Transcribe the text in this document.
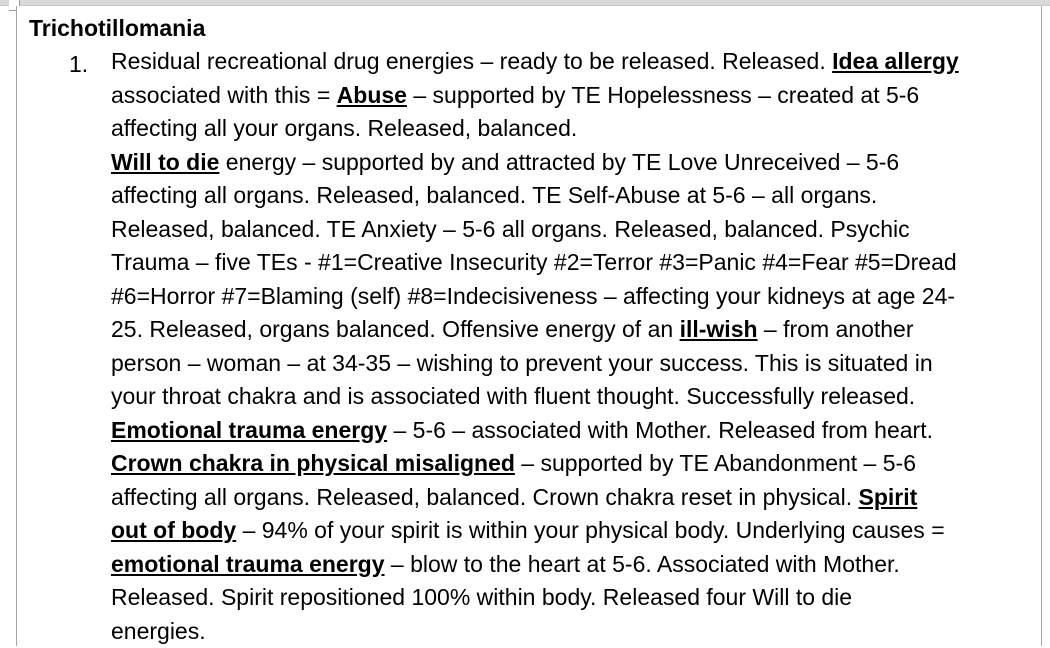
Trichotillomania
1. Residual recreational drug energies – ready to be released. Released. Idea allergy
associated with this = Abuse – supported by TE Hopelessness – created at 5-6
affecting all your organs. Released, balanced.
Will to die energy – supported by and attracted by TE Love Unreceived – 5-6
affecting all organs. Released, balanced. TE Self-Abuse at 5-6 – all organs.
Released, balanced. TE Anxiety – 5-6 all organs. Released, balanced. Psychic
Trauma – five TEs - #1=Creative Insecurity #2=Terror #3=Panic #4=Fear #5=Dread
#6=Horror #7=Blaming (self) #8=Indecisiveness – affecting your kidneys at age 24-
25. Released, organs balanced. Offensive energy of an ill-wish – from another
person – woman – at 34-35 – wishing to prevent your success. This is situated in
your throat chakra and is associated with fluent thought. Successfully released.
Emotional trauma energy – 5-6 – associated with Mother. Released from heart.
Crown chakra in physical misaligned – supported by TE Abandonment – 5-6
affecting all organs. Released, balanced. Crown chakra reset in physical. Spirit
out of body – 94% of your spirit is within your physical body. Underlying causes =
emotional trauma energy – blow to the heart at 5-6. Associated with Mother.
Released. Spirit repositioned 100% within body. Released four Will to die
energies.
